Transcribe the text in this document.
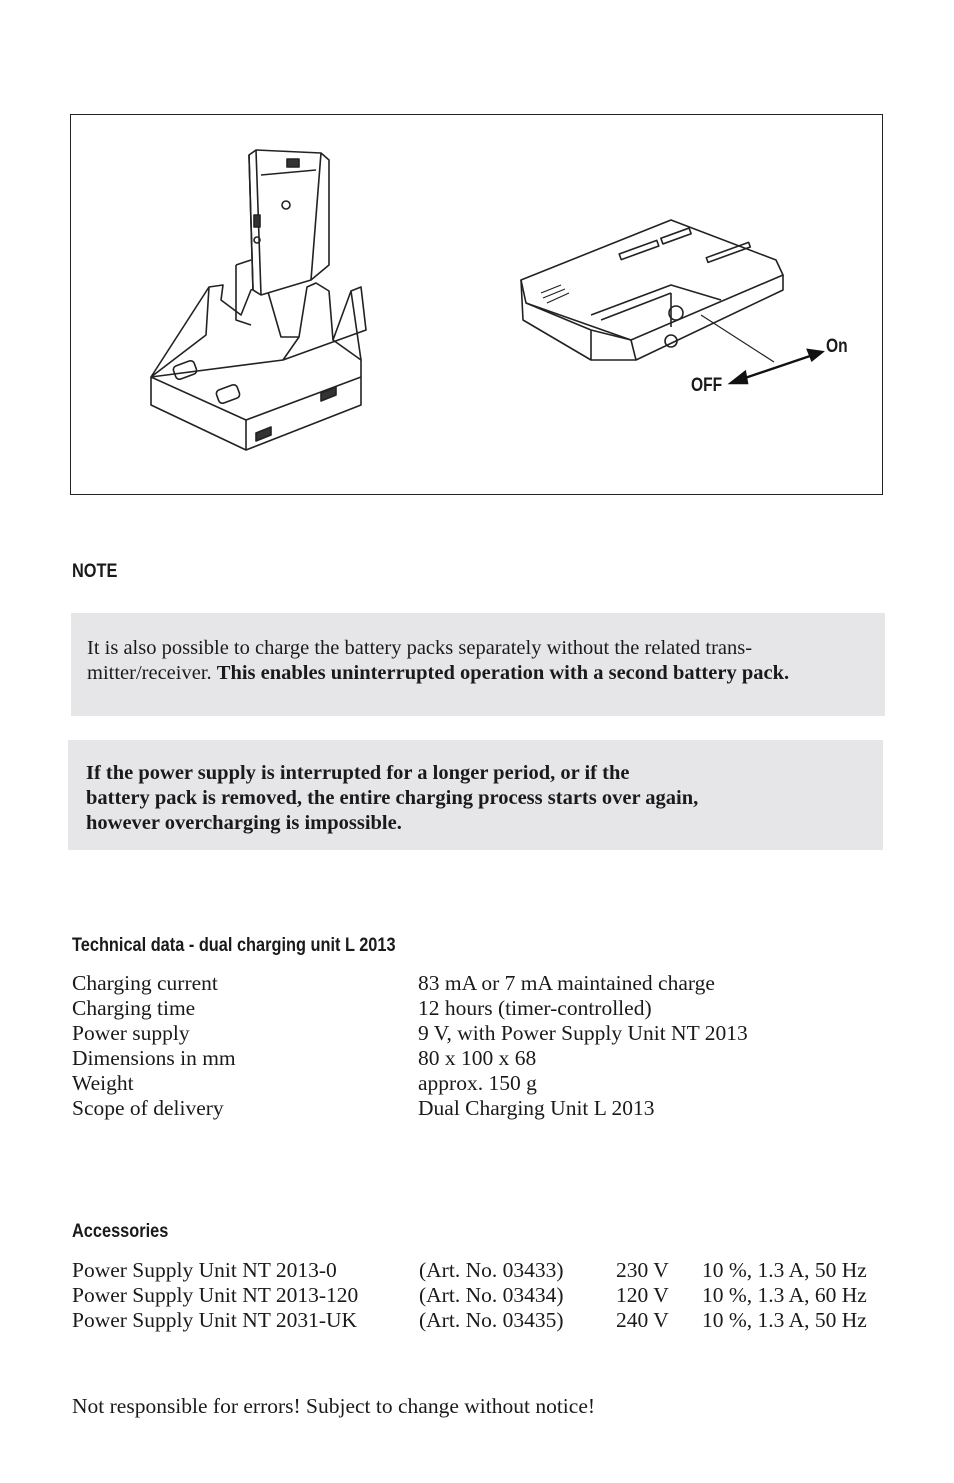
On
OFF
NOTE
It is also possible to charge the battery packs separately without the related trans-
mitter/receiver. This enables uninterrupted operation with a second battery pack.
If the power supply is interrupted for a longer period, or if the
battery pack is removed, the entire charging process starts over again,
however overcharging is impossible.
Technical data - dual charging unit L 2013
Charging current	83 mA or 7 mA maintained charge
Charging time	12 hours (timer-controlled)
Power supply	9 V, with Power Supply Unit NT 2013
Dimensions in mm	80 x 100 x 68
Weight	approx. 150 g
Scope of delivery	Dual Charging Unit L 2013
Accessories
Power Supply Unit NT 2013-0	(Art. No. 03433) 230 V 10 %, 1.3 A, 50 Hz
Power Supply Unit NT 2013-120	(Art. No. 03434) 120 V 10 %, 1.3 A, 60 Hz
Power Supply Unit NT 2031-UK	(Art. No. 03435) 240 V 10 %, 1.3 A, 50 Hz
Not responsible for errors! Subject to change without notice!
